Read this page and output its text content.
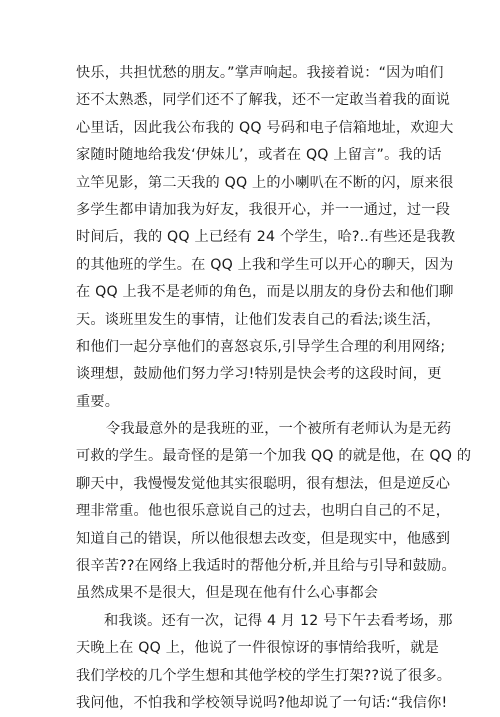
快乐，共担忧愁的朋友。”掌声响起。我接着说：“因为咱们
还不太熟悉，同学们还不了解我，还不一定敢当着我的面说
心里话，因此我公布我的 QQ 号码和电子信箱地址，欢迎大
家随时随地给我发‘伊妹儿’，或者在 QQ 上留言”。我的话
立竿见影，第二天我的 QQ 上的小喇叭在不断的闪，原来很
多学生都申请加我为好友，我很开心，并一一通过，过一段
时间后，我的 QQ 上已经有 24 个学生，哈?..有些还是我教
的其他班的学生。在 QQ 上我和学生可以开心的聊天，因为
在 QQ 上我不是老师的角色，而是以朋友的身份去和他们聊
天。谈班里发生的事情，让他们发表自己的看法;谈生活，
和他们一起分享他们的喜怒哀乐,引导学生合理的利用网络;
谈理想，鼓励他们努力学习!特别是快会考的这段时间，更
重要。
令我最意外的是我班的亚，一个被所有老师认为是无药
可救的学生。最奇怪的是第一个加我 QQ 的就是他，在 QQ 的
聊天中，我慢慢发觉他其实很聪明，很有想法，但是逆反心
理非常重。他也很乐意说自己的过去，也明白自己的不足，
知道自己的错误，所以他很想去改变，但是现实中，他感到
很辛苦??在网络上我适时的帮他分析,并且给与引导和鼓励。
虽然成果不是很大，但是现在他有什么心事都会
和我谈。还有一次，记得 4 月 12 号下午去看考场，那
天晚上在 QQ 上，他说了一件很惊讶的事情给我听，就是
我们学校的几个学生想和其他学校的学生打架??说了很多。
我问他，不怕我和学校领导说吗?他却说了一句话:“我信你!
